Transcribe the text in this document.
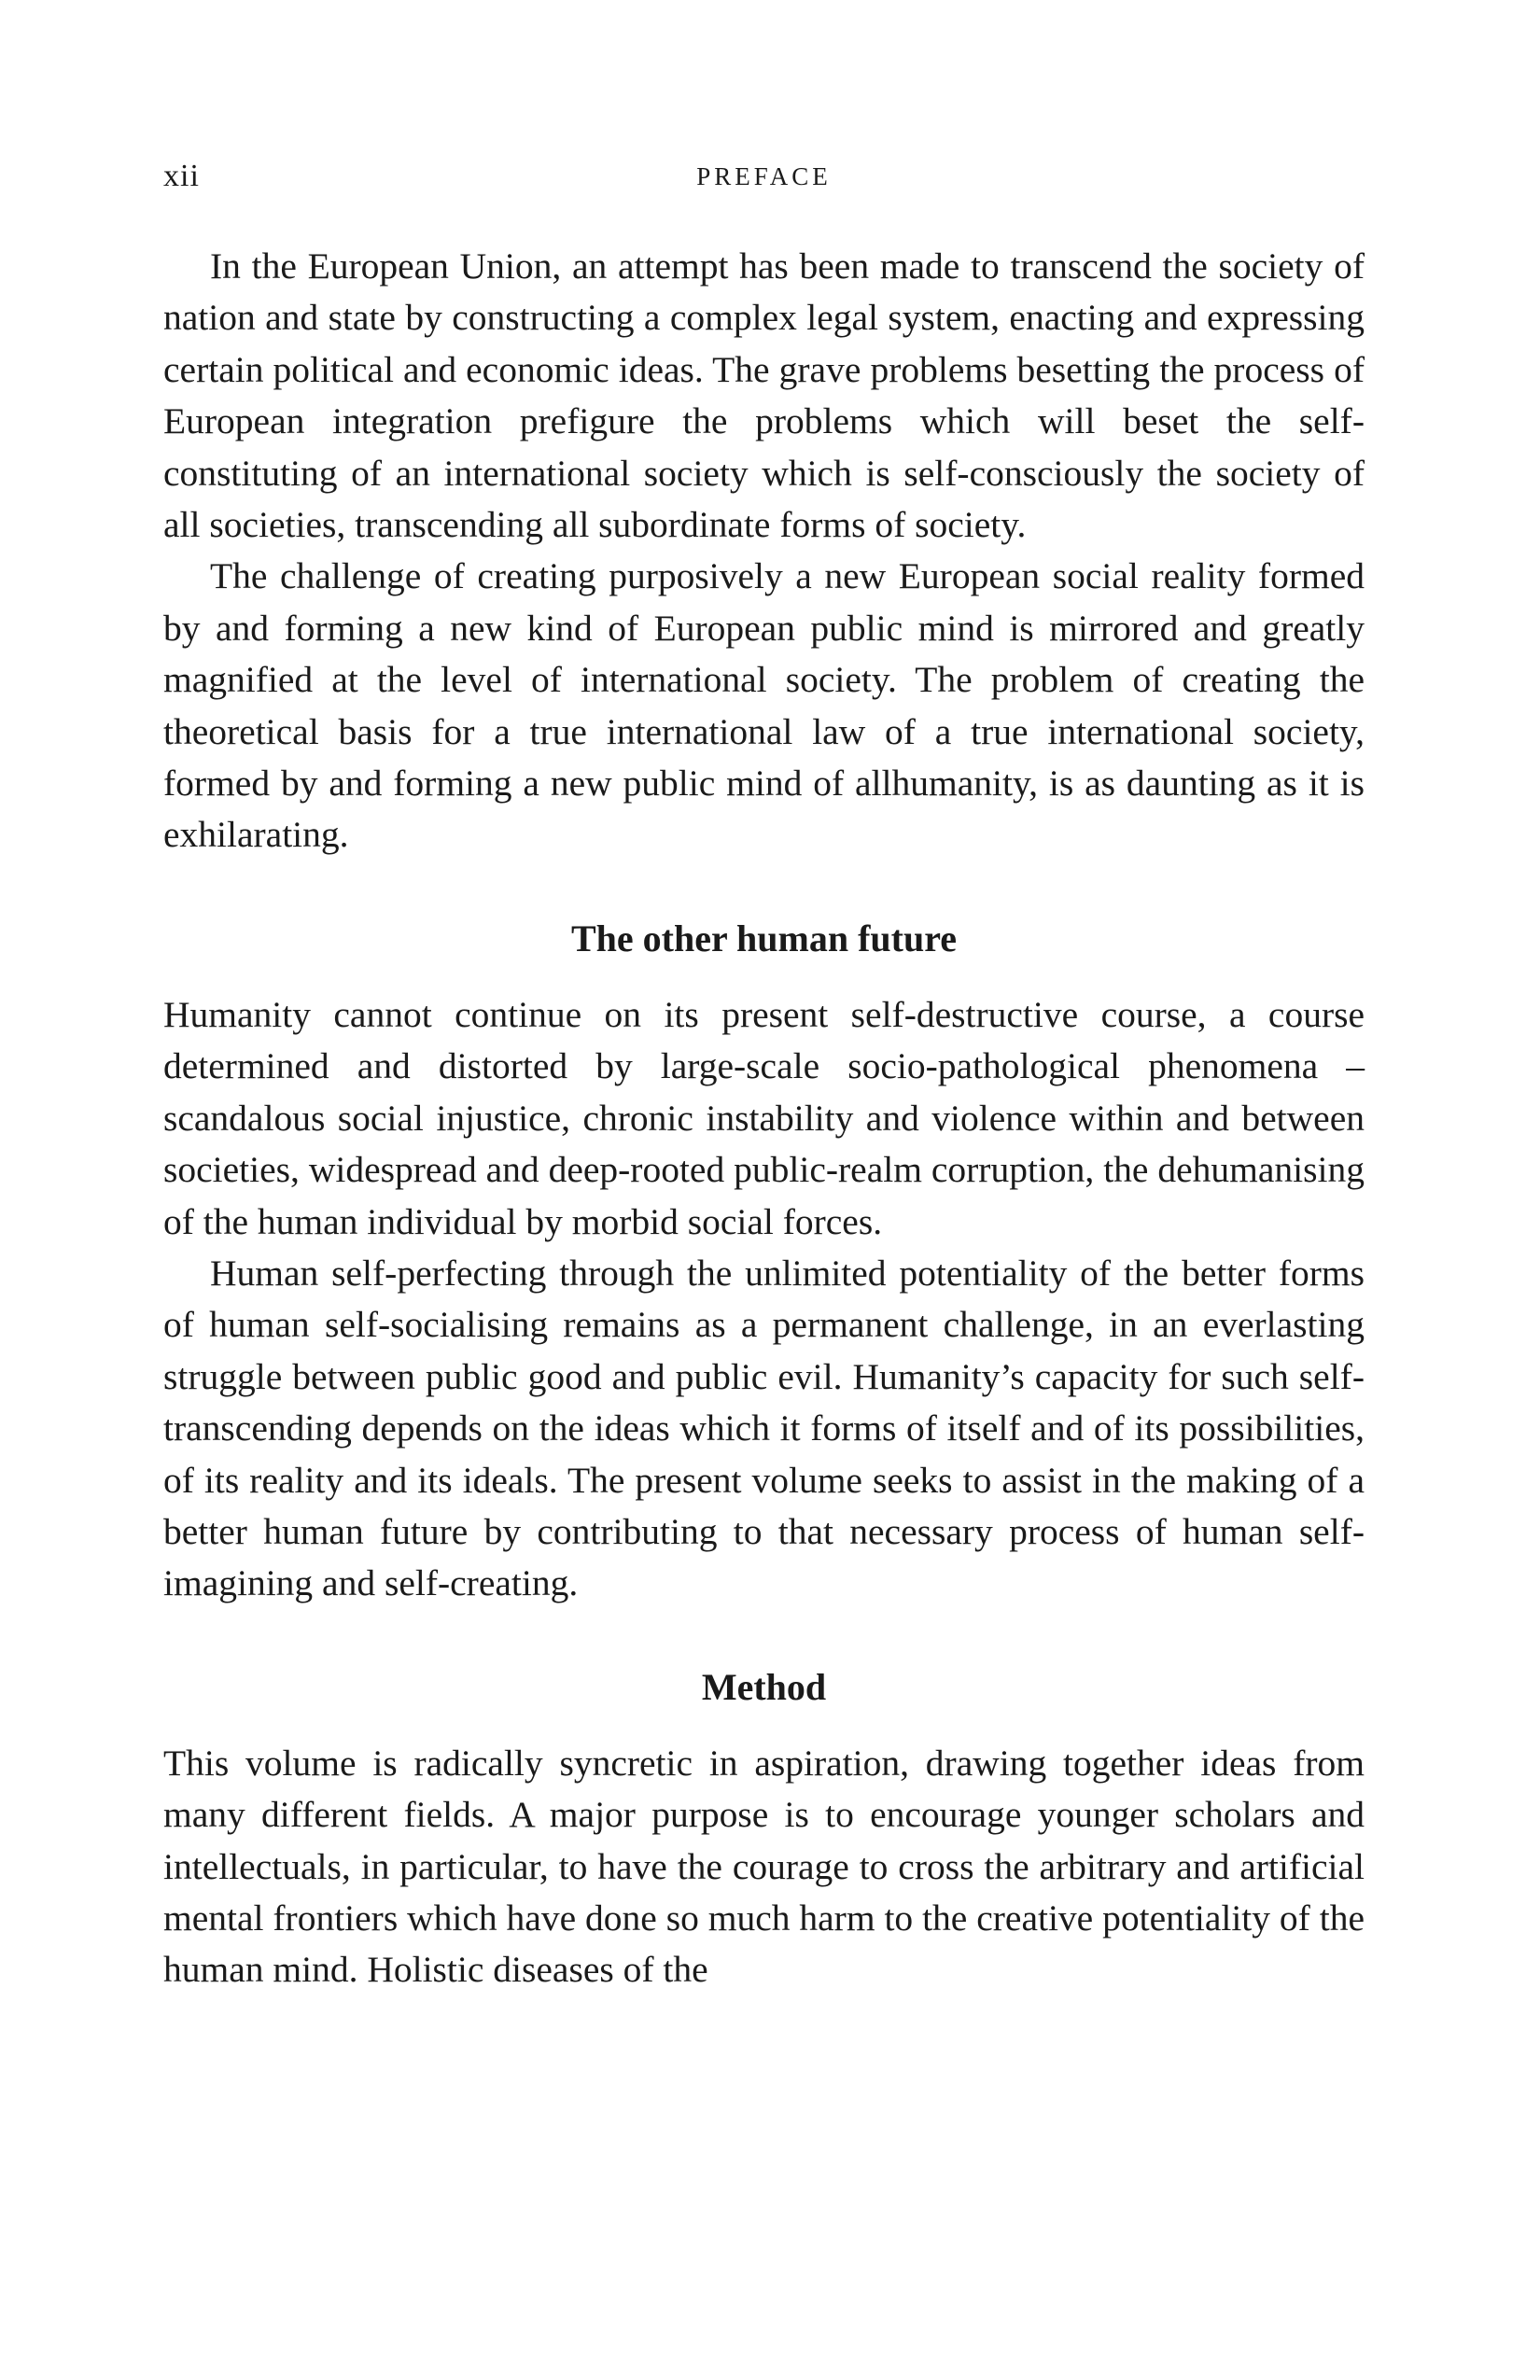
xii	PREFACE

In the European Union, an attempt has been made to transcend the society of nation and state by constructing a complex legal system, enacting and expressing certain political and economic ideas. The grave problems besetting the process of European integration prefigure the problems which will beset the self-constituting of an international society which is self-consciously the society of all societies, transcending all subordinate forms of society.

The challenge of creating purposively a new European social reality formed by and forming a new kind of European public mind is mirrored and greatly magnified at the level of international society. The problem of creating the theoretical basis for a true international law of a true international society, formed by and forming a new public mind of allhumanity, is as daunting as it is exhilarating.

The other human future

Humanity cannot continue on its present self-destructive course, a course determined and distorted by large-scale socio-pathological phenomena – scandalous social injustice, chronic instability and violence within and between societies, widespread and deep-rooted public-realm corruption, the dehumanising of the human individual by morbid social forces.

Human self-perfecting through the unlimited potentiality of the better forms of human self-socialising remains as a permanent challenge, in an everlasting struggle between public good and public evil. Humanity’s capacity for such self-transcending depends on the ideas which it forms of itself and of its possibilities, of its reality and its ideals. The present volume seeks to assist in the making of a better human future by contributing to that necessary process of human self-imagining and self-creating.

Method

This volume is radically syncretic in aspiration, drawing together ideas from many different fields. A major purpose is to encourage younger scholars and intellectuals, in particular, to have the courage to cross the arbitrary and artificial mental frontiers which have done so much harm to the creative potentiality of the human mind. Holistic diseases of the
